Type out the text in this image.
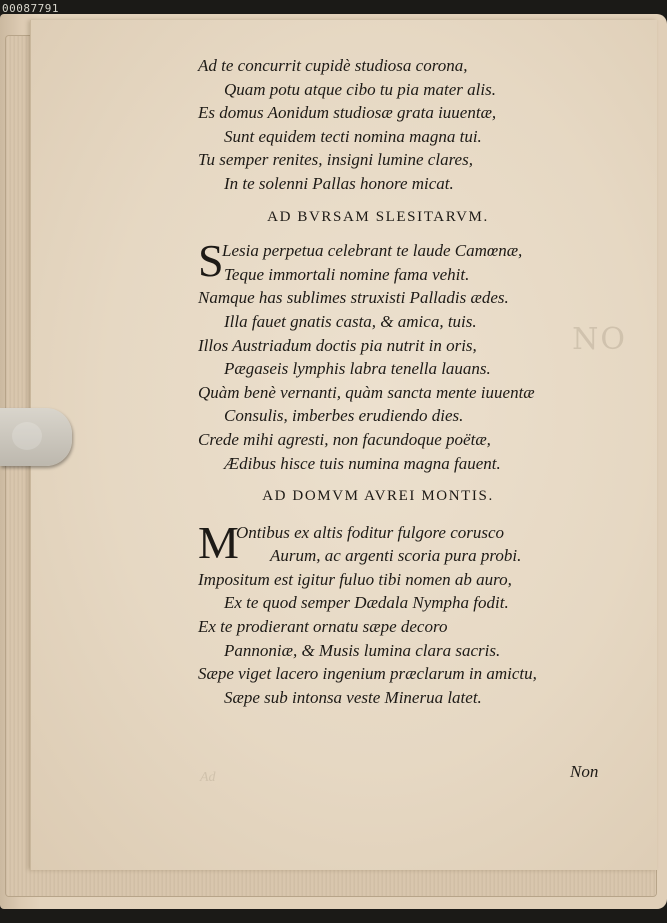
00087791
NO
Ad
Ad te concurrit cupidè studiosa corona,
Quam potu atque cibo tu pia mater alis.
Es domus Aonidum studiosæ grata iuuentæ,
Sunt equidem tecti nomina magna tui.
Tu semper renites, insigni lumine clares,
In te solenni Pallas honore micat.
AD BVRSAM SLESITARVM.
S
Lesia perpetua celebrant te laude Camœnæ,
Teque immortali nomine fama vehit.
Namque has sublimes struxisti Palladis ædes.
Illa fauet gnatis casta, & amica, tuis.
Illos Austriadum doctis pia nutrit in oris,
Pægaseis lymphis labra tenella lauans.
Quàm benè vernanti, quàm sancta mente iuuentæ
Consulis, imberbes erudiendo dies.
Crede mihi agresti, non facundoque poëtæ,
Ædibus hisce tuis numina magna fauent.
AD DOMVM AVREI MONTIS.
M
Ontibus ex altis foditur fulgore corusco
Aurum, ac argenti scoria pura probi.
Impositum est igitur fuluo tibi nomen ab auro,
Ex te quod semper Dædala Nympha fodit.
Ex te prodierant ornatu sæpe decoro
Pannoniæ, & Musis lumina clara sacris.
Sæpe viget lacero ingenium præclarum in amictu,
Sæpe sub intonsa veste Minerua latet.
Non
